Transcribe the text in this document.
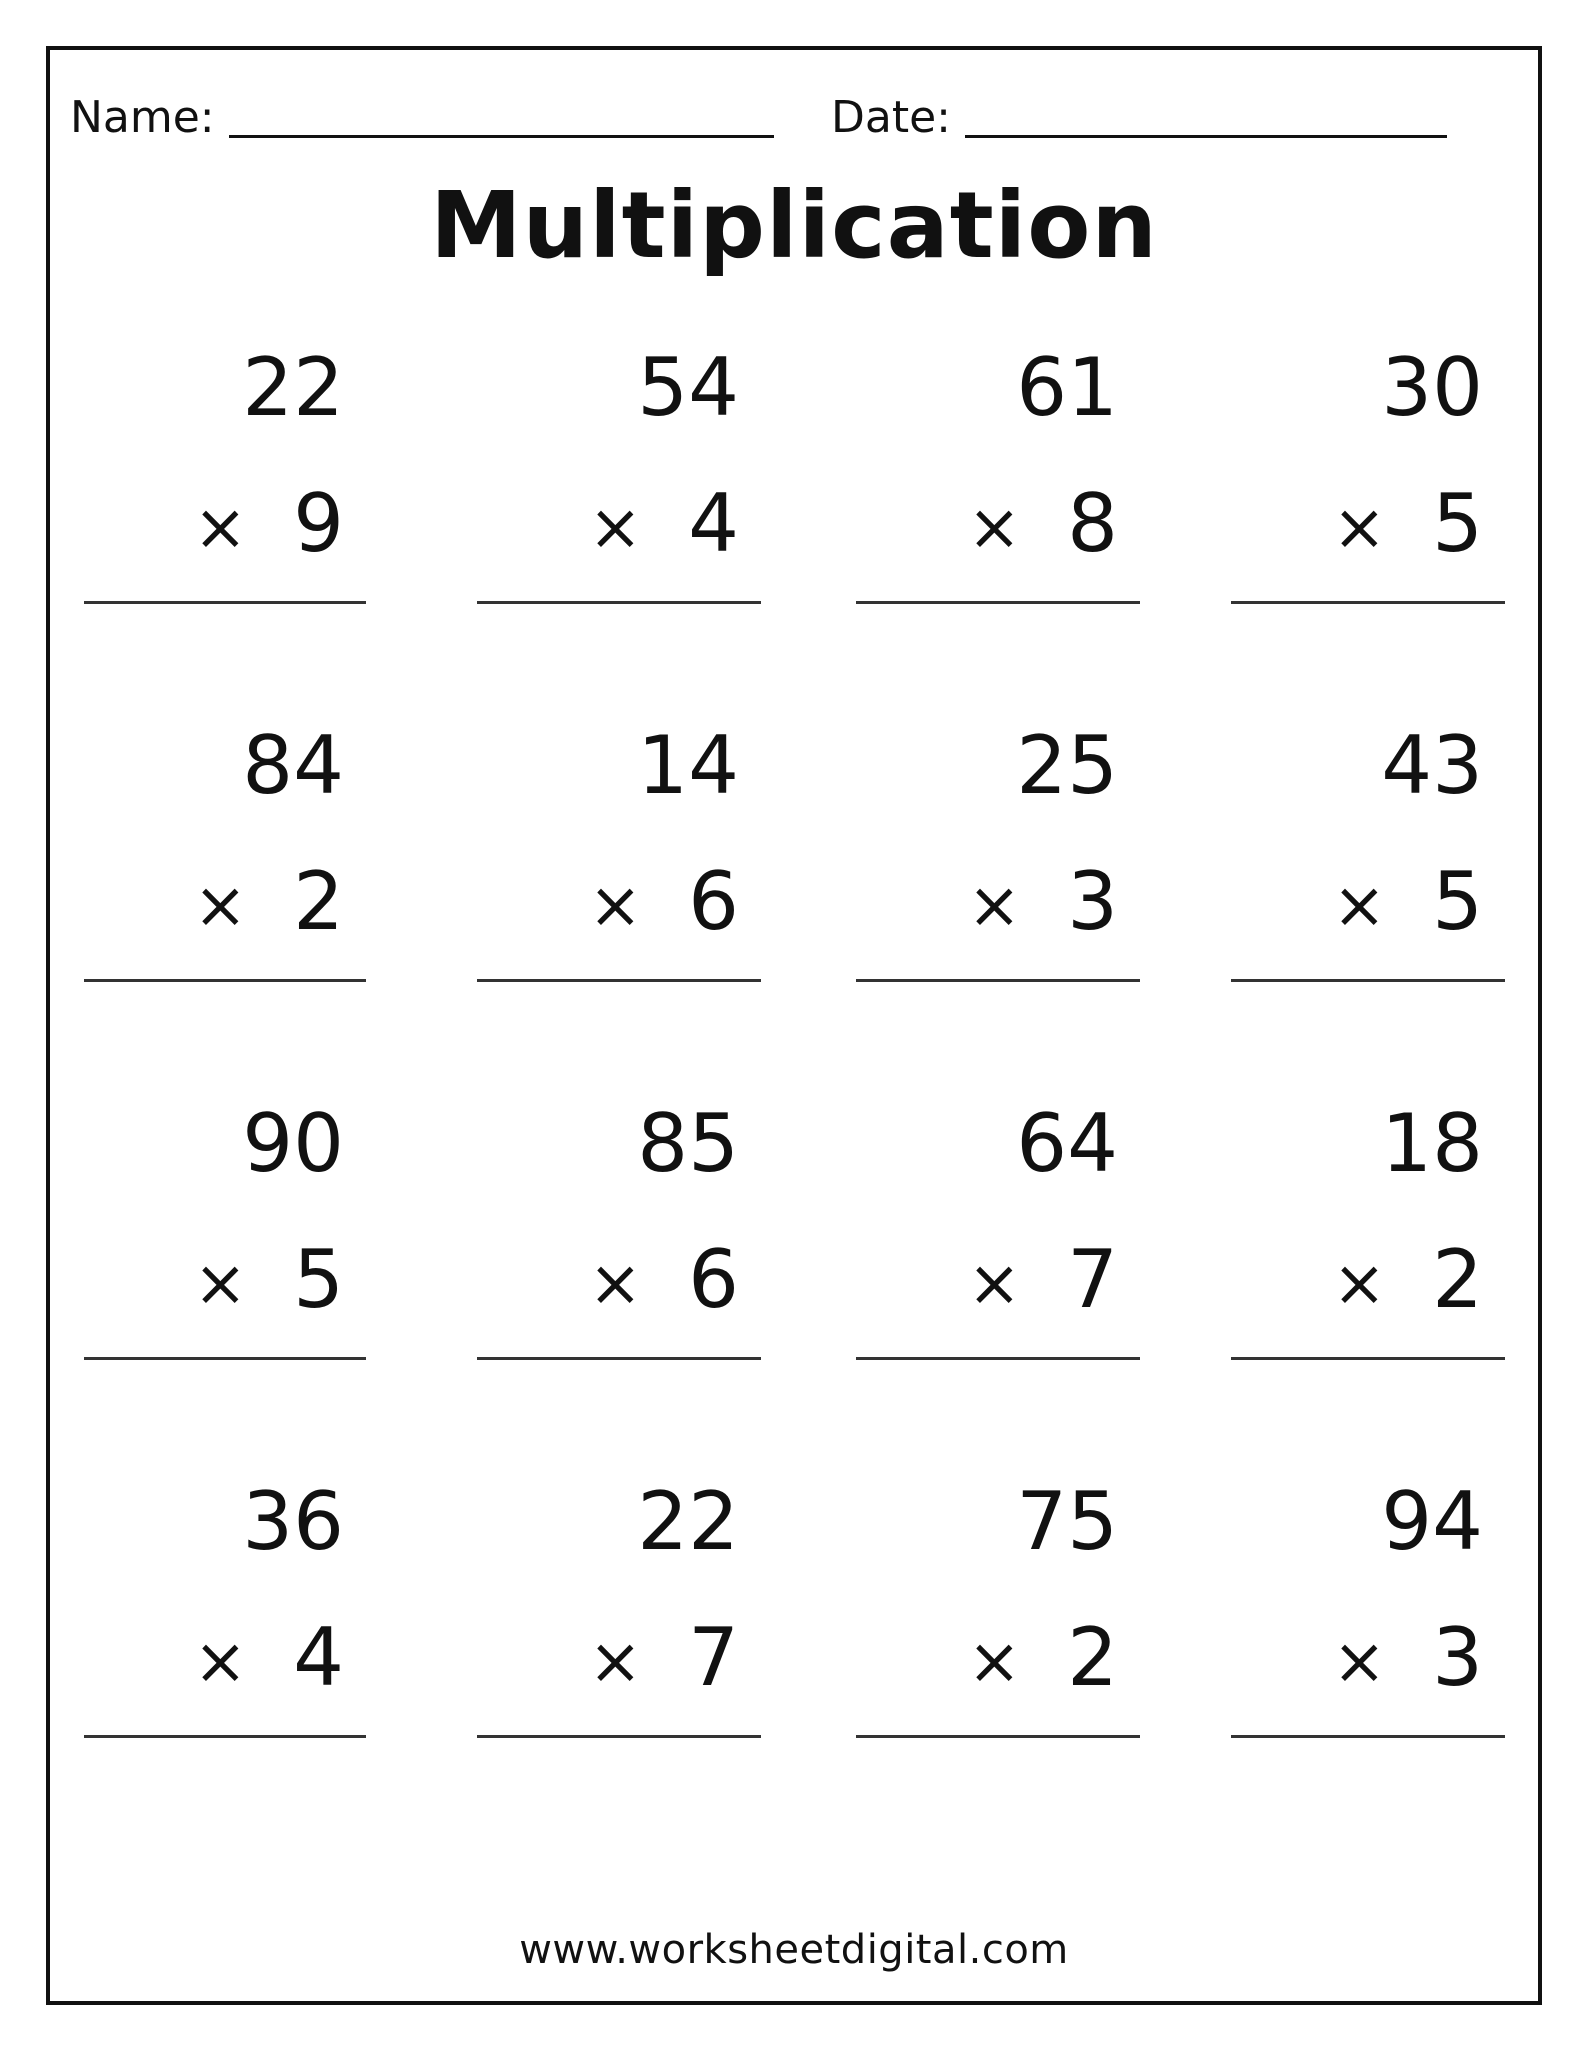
Name:	Date:
Multiplication
22
× 9
54
× 4
61
× 8
30
× 5
84
× 2
14
× 6
25
× 3
43
× 5
90
× 5
85
× 6
64
× 7
18
× 2
36
× 4
22
× 7
75
× 2
94
× 3
www.worksheetdigital.com
